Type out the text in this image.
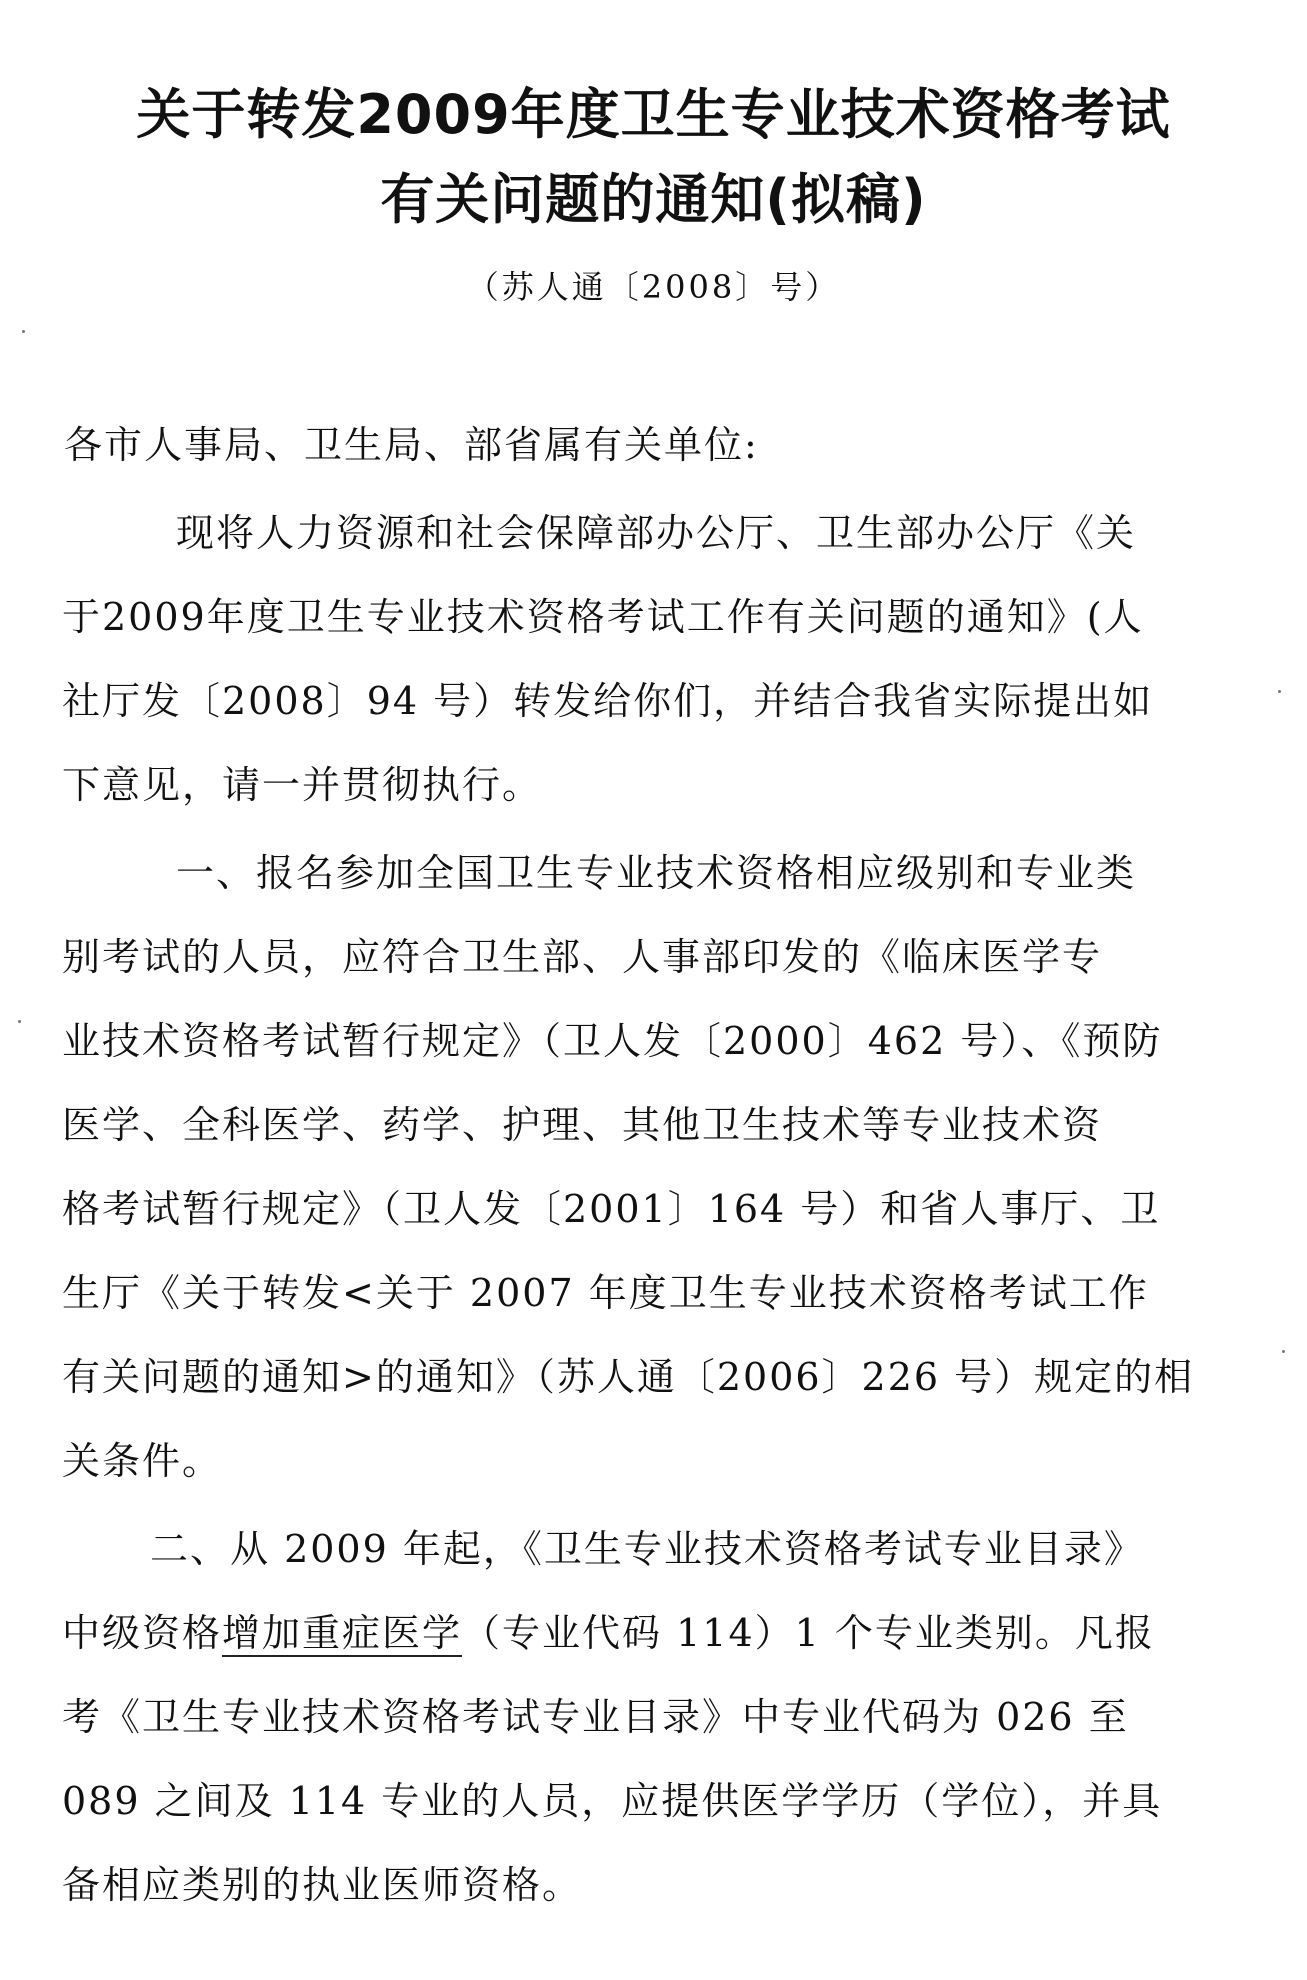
关于转发2009年度卫生专业技术资格考试
有关问题的通知(拟稿)
（苏人通〔2008〕号）
各市人事局、卫生局、部省属有关单位:
现将人力资源和社会保障部办公厅、卫生部办公厅《关
于2009年度卫生专业技术资格考试工作有关问题的通知》(人
社厅发〔2008〕94 号）转发给你们，并结合我省实际提出如
下意见，请一并贯彻执行。
一、报名参加全国卫生专业技术资格相应级别和专业类
别考试的人员，应符合卫生部、人事部印发的《临床医学专
业技术资格考试暂行规定》（卫人发〔2000〕462 号）、《预防
医学、全科医学、药学、护理、其他卫生技术等专业技术资
格考试暂行规定》（卫人发〔2001〕164 号）和省人事厅、卫
生厅《关于转发<关于 2007 年度卫生专业技术资格考试工作
有关问题的通知>的通知》（苏人通〔2006〕226 号）规定的相
关条件。
二、从 2009 年起，《卫生专业技术资格考试专业目录》
中级资格增加重症医学（专业代码 114）1 个专业类别。凡报
考《卫生专业技术资格考试专业目录》中专业代码为 026 至
089 之间及 114 专业的人员，应提供医学学历（学位），并具
备相应类别的执业医师资格。
